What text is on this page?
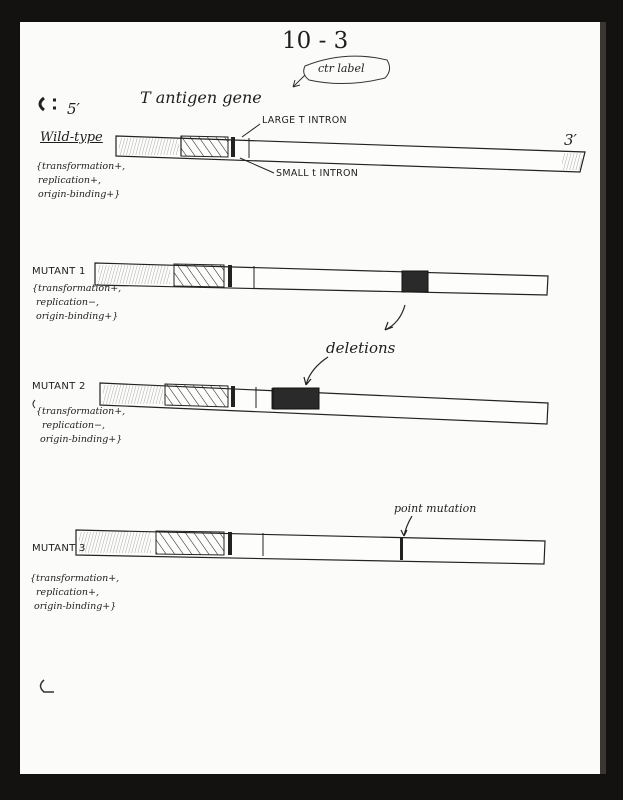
10 - 3
ctr label
T antigen gene
5′
3′
LARGE T INTRON
SMALL t INTRON
Wild-type
{transformation+,
replication+,
origin-binding+}
MUTANT 1
{transformation+,
replication−,
origin-binding+}
deletions
MUTANT 2
{transformation+,
replication−,
origin-binding+}
point mutation
MUTANT 3
{transformation+,
replication+,
origin-binding+}
